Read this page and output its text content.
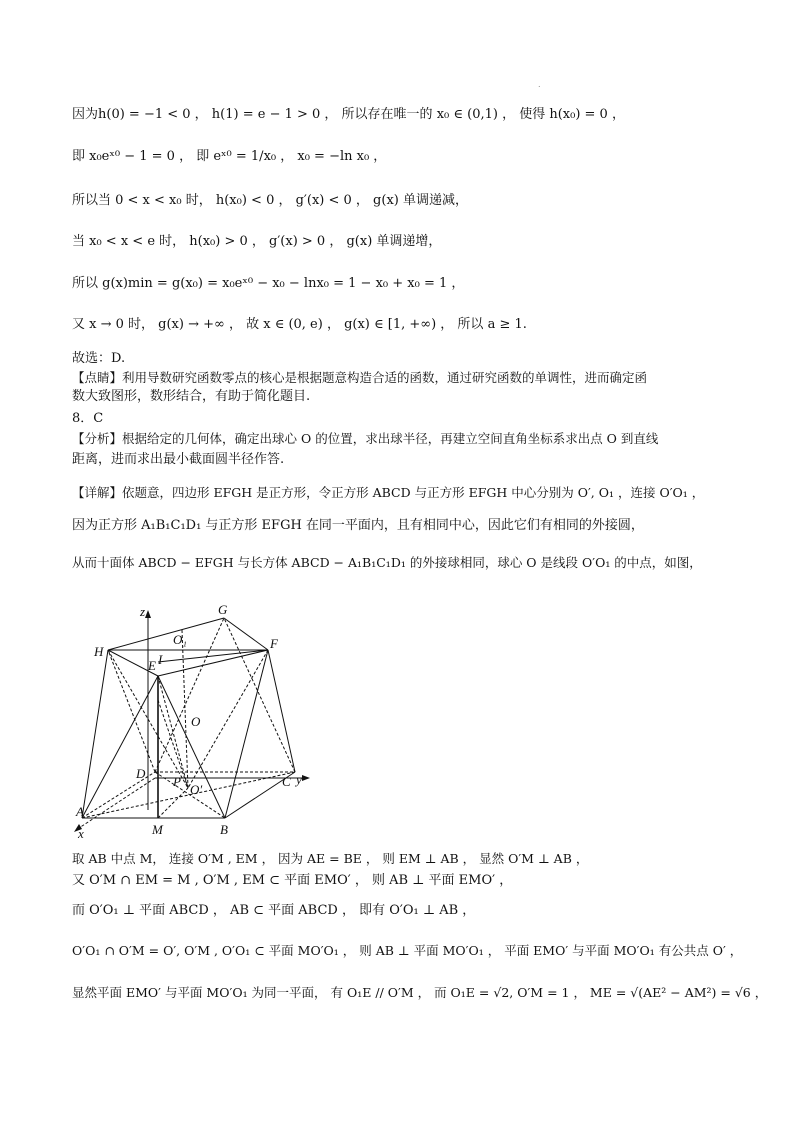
.
因为h(0) = −1 < 0 ， h(1) = e − 1 > 0 ， 所以存在唯一的 x₀ ∈ (0,1) ， 使得 h(x₀) = 0 ，
即 x₀eˣ⁰ − 1 = 0 ， 即 eˣ⁰ = 1/x₀ ， x₀ = −ln x₀ ，
所以当 0 < x < x₀ 时， h(x₀) < 0 ， g′(x) < 0 ， g(x) 单调递减，
当 x₀ < x < e 时， h(x₀) > 0 ， g′(x) > 0 ， g(x) 单调递增，
所以 g(x)min = g(x₀) = x₀eˣ⁰ − x₀ − lnx₀ = 1 − x₀ + x₀ = 1 ，
又 x → 0 时， g(x) → +∞ ， 故 x ∈ (0, e) ， g(x) ∈ [1, +∞) ， 所以 a ≥ 1.
故选：D.
【点睛】利用导数研究函数零点的核心是根据题意构造合适的函数，通过研究函数的单调性，进而确定函
数大致图形，数形结合，有助于简化题目.
8．C
【分析】根据给定的几何体，确定出球心 O 的位置，求出球半径，再建立空间直角坐标系求出点 O 到直线
距离，进而求出最小截面圆半径作答.
【详解】依题意，四边形 EFGH 是正方形，令正方形 ABCD 与正方形 EFGH 中心分别为 O′, O₁ ，连接 O′O₁ ，
因为正方形 A₁B₁C₁D₁ 与正方形 EFGH 在同一平面内，且有相同中心，因此它们有相同的外接圆，
从而十面体 ABCD − EFGH 与长方体 ABCD − A₁B₁C₁D₁ 的外接球相同，球心 O 是线段 O′O₁ 的中点，如图，
z	G
O₁
H
F
E I
O
D
P
O′
C y
A
x	M	B
取 AB 中点 M， 连接 O′M , EM ， 因为 AE = BE ， 则 EM ⊥ AB ， 显然 O′M ⊥ AB ，
又 O′M ∩ EM = M , O′M , EM ⊂ 平面 EMO′ ， 则 AB ⊥ 平面 EMO′ ，
而 O′O₁ ⊥ 平面 ABCD ， AB ⊂ 平面 ABCD ， 即有 O′O₁ ⊥ AB ，
O′O₁ ∩ O′M = O′, O′M , O′O₁ ⊂ 平面 MO′O₁ ， 则 AB ⊥ 平面 MO′O₁ ， 平面 EMO′ 与平面 MO′O₁ 有公共点 O′ ，
显然平面 EMO′ 与平面 MO′O₁ 为同一平面， 有 O₁E // O′M ， 而 O₁E = √2, O′M = 1 ， ME = √(AE² − AM²) = √6 ，
